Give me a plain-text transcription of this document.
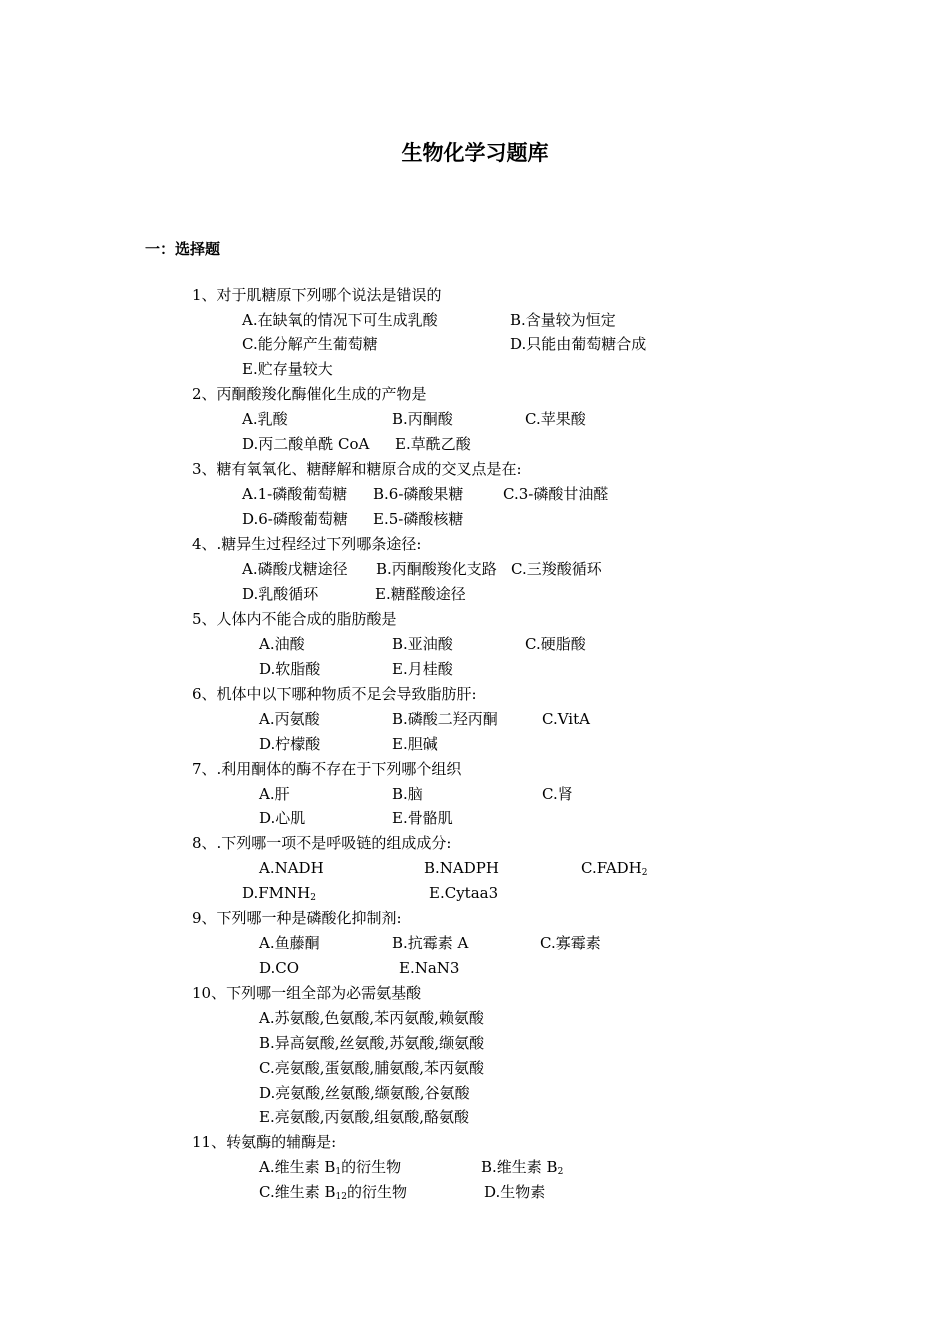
生物化学习题库
一：选择题
1、对于肌糖原下列哪个说法是错误的
A.在缺氧的情况下可生成乳酸	B.含量较为恒定
C.能分解产生葡萄糖	D.只能由葡萄糖合成
E.贮存量较大
2、丙酮酸羧化酶催化生成的产物是
A.乳酸	B.丙酮酸	C.苹果酸
D.丙二酸单酰 CoA E.草酰乙酸
3、糖有氧氧化、糖酵解和糖原合成的交叉点是在:
A.1-磷酸葡萄糖 B.6-磷酸果糖	C.3-磷酸甘油醛
D.6-磷酸葡萄糖 E.5-磷酸核糖
4、.糖异生过程经过下列哪条途径:
A.磷酸戊糖途径 B.丙酮酸羧化支路 C.三羧酸循环
D.乳酸循环	E.糖醛酸途径
5、人体内不能合成的脂肪酸是
A.油酸	B.亚油酸	C.硬脂酸
D.软脂酸	E.月桂酸
6、机体中以下哪种物质不足会导致脂肪肝:
A.丙氨酸	B.磷酸二羟丙酮	C.VitA
D.柠檬酸	E.胆碱
7、.利用酮体的酶不存在于下列哪个组织
A.肝	B.脑	C.肾
D.心肌	E.骨骼肌
8、.下列哪一项不是呼吸链的组成成分:
A.NADH	B.NADPH	$C.FADH_2$
$D.FMNH_2$	E.Cytaa3
9、下列哪一种是磷酸化抑制剂:
A.鱼藤酮	B.抗霉素 A	C.寡霉素
D.CO	E.NaN3
10、下列哪一组全部为必需氨基酸
A.苏氨酸,色氨酸,苯丙氨酸,赖氨酸
B.异高氨酸,丝氨酸,苏氨酸,缬氨酸
C.亮氨酸,蛋氨酸,脯氨酸,苯丙氨酸
D.亮氨酸,丝氨酸,缬氨酸,谷氨酸
E.亮氨酸,丙氨酸,组氨酸,酪氨酸
11、转氨酶的辅酶是:
A.维生素 $B_1$的衍生物	B.维生素 $B_2$
C.维生素 $B_{12}$的衍生物	D.生物素
